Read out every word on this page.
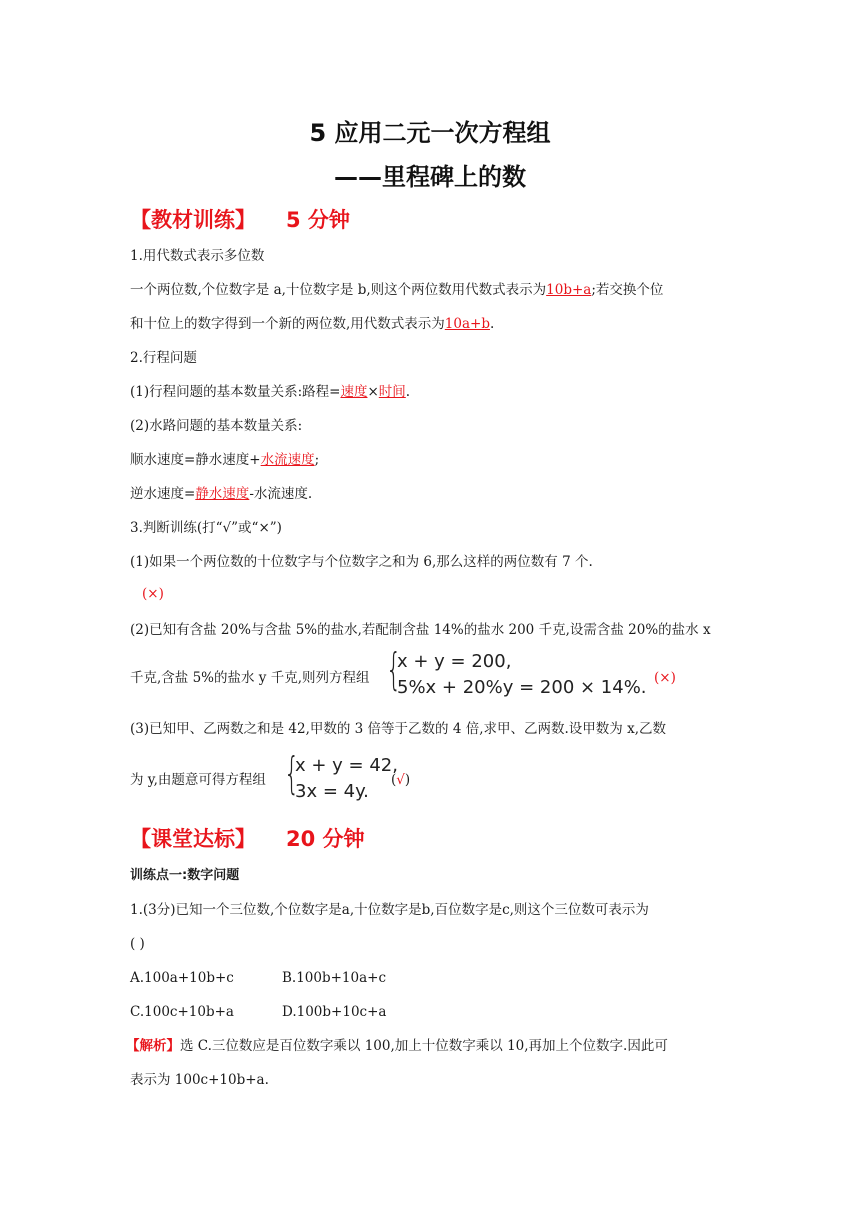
5 应用二元一次方程组
——里程碑上的数
【教材训练】 5 分钟
1.用代数式表示多位数
一个两位数,个位数字是 a,十位数字是 b,则这个两位数用代数式表示为10b+a;若交换个位
和十位上的数字得到一个新的两位数,用代数式表示为10a+b.
2.行程问题
(1)行程问题的基本数量关系:路程=速度×时间.
(2)水路问题的基本数量关系:
顺水速度=静水速度+水流速度;
逆水速度=静水速度-水流速度.
3.判断训练(打“√”或“×”)
(1)如果一个两位数的十位数字与个位数字之和为 6,那么这样的两位数有 7 个.
(×)
(2)已知有含盐 20%与含盐 5%的盐水,若配制含盐 14%的盐水 200 千克,设需含盐 20%的盐水 x
千克,含盐 5%的盐水 y 千克,则列方程组 {
x + y = 200,
5%x + 20%y = 200 × 14%. (×)
(3)已知甲、乙两数之和是 42,甲数的 3 倍等于乙数的 4 倍,求甲、乙两数.设甲数为 x,乙数
为 y,由题意可得方程组 {
x + y = 42,
3x = 4y.
(√)
【课堂达标】 20 分钟
训练点一:数字问题
1.(3分)已知一个三位数,个位数字是a,十位数字是b,百位数字是c,则这个三位数可表示为
( )
A.100a+10b+c	B.100b+10a+c
C.100c+10b+a	D.100b+10c+a
【解析】选 C.三位数应是百位数字乘以 100,加上十位数字乘以 10,再加上个位数字.因此可
表示为 100c+10b+a.
